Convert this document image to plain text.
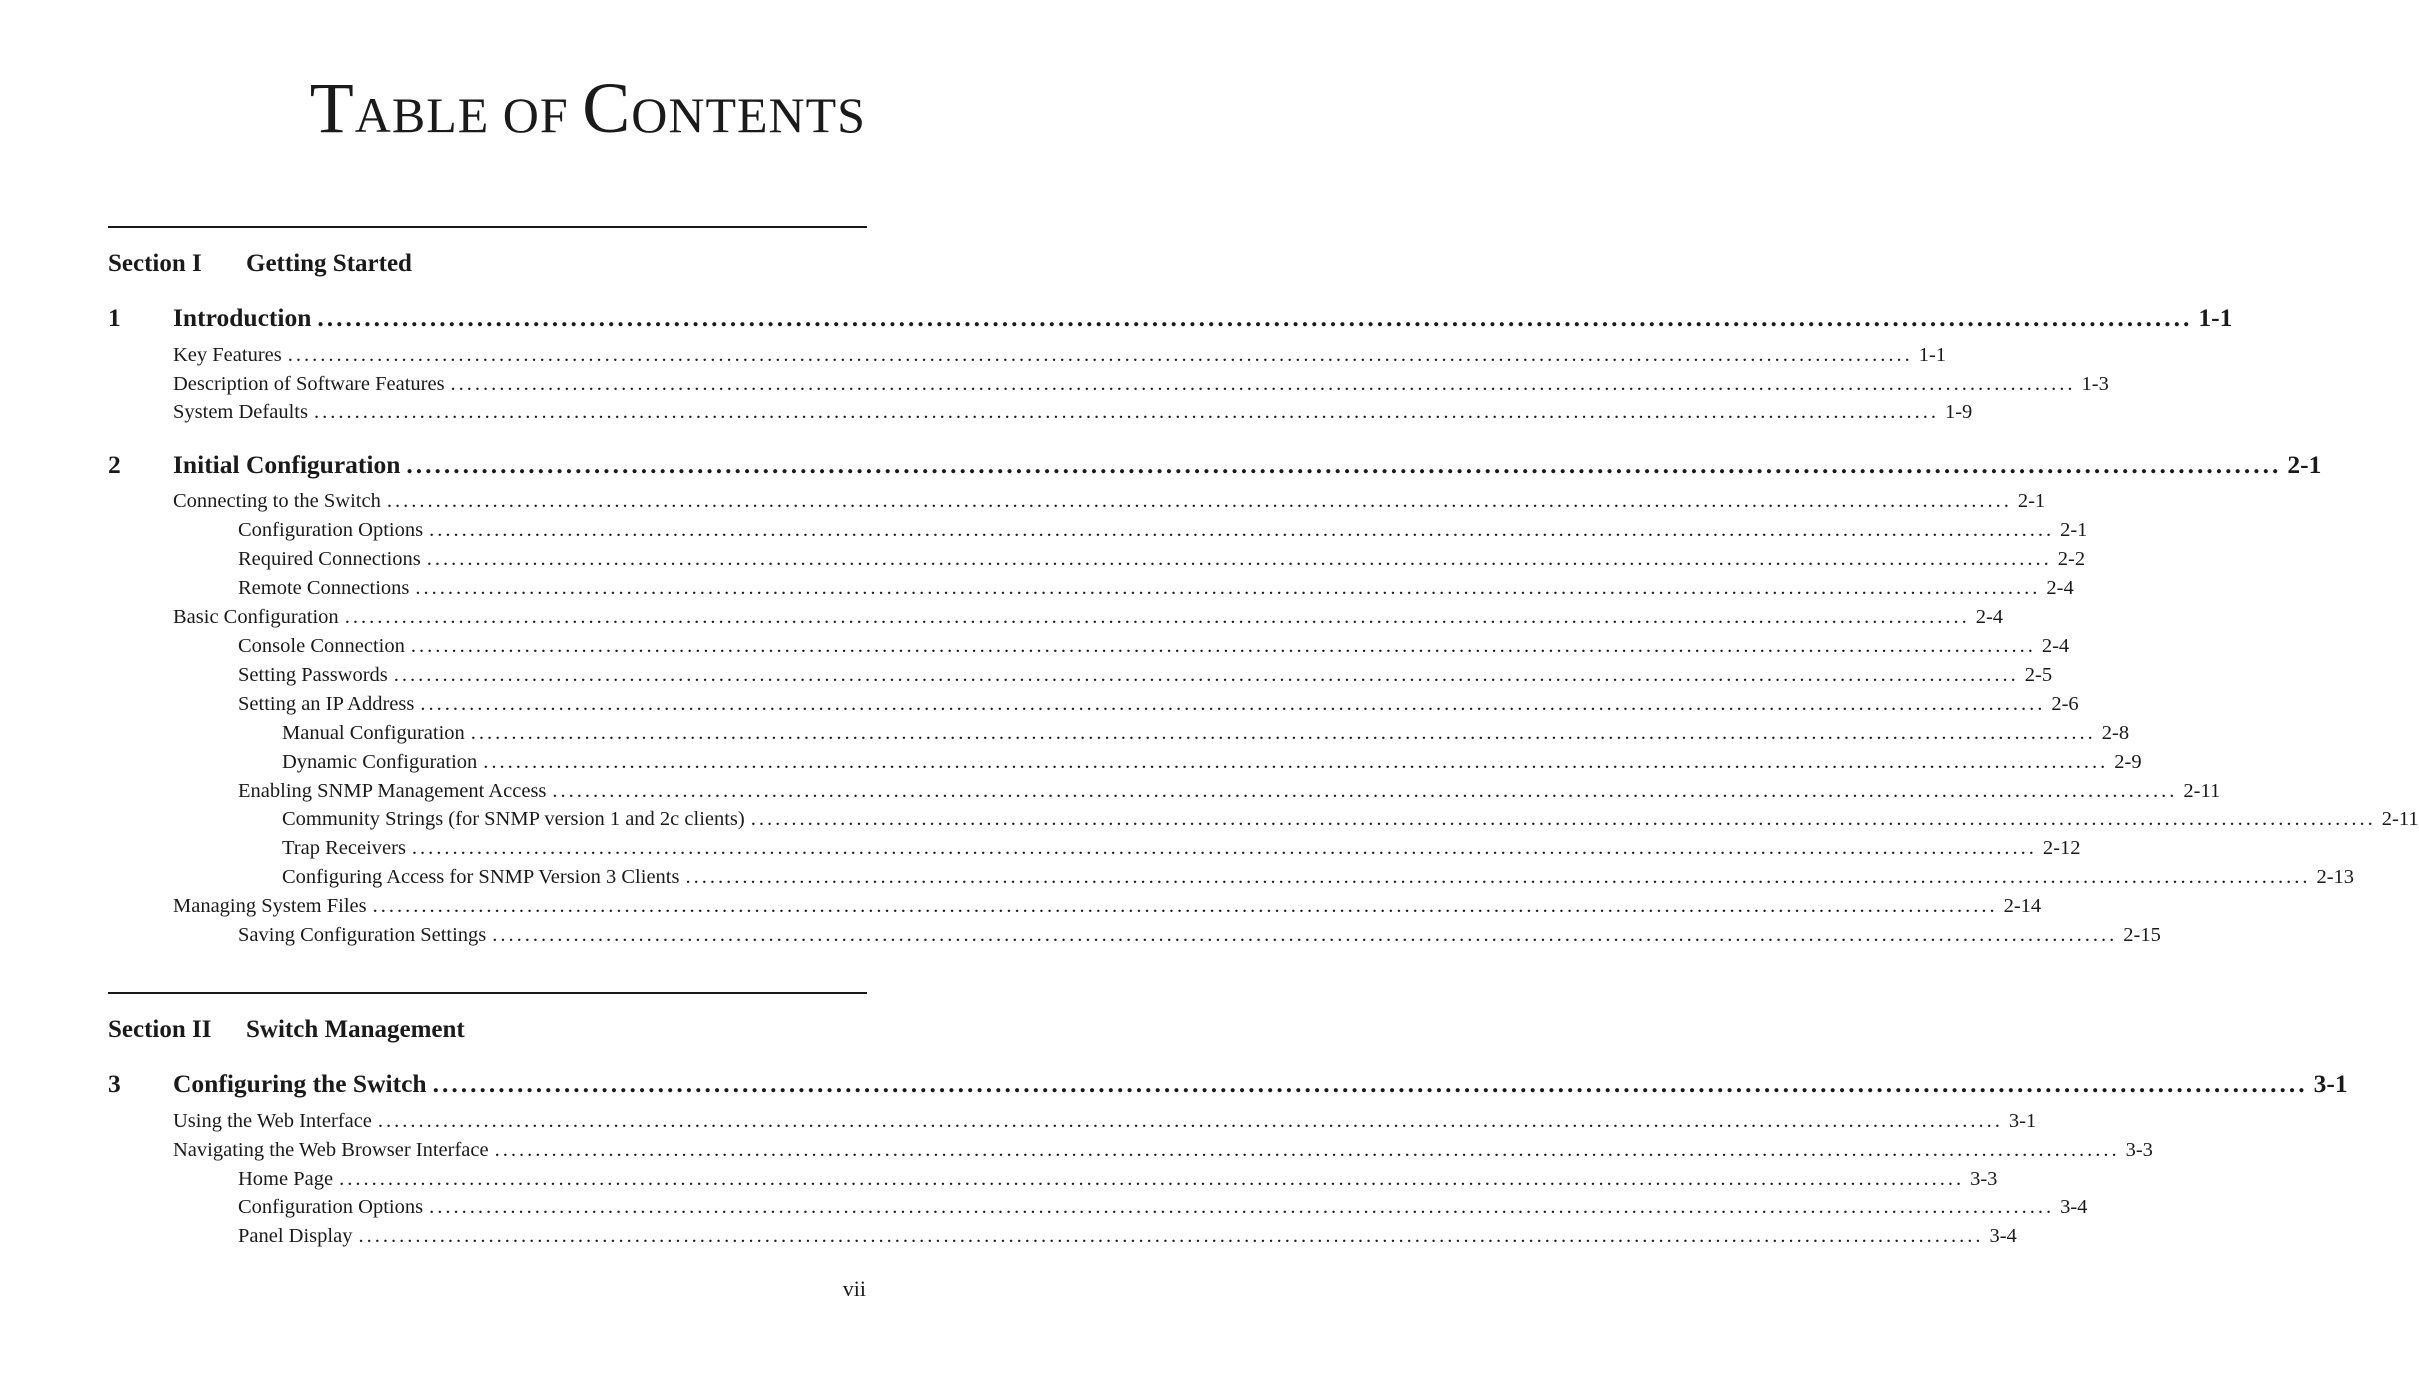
TABLE OF CONTENTS
Section I Getting Started
1 Introduction ........................................................................................................................................................................................................ 1-1
Key Features ........................................................................................................................................................................................................ 1-1
Description of Software Features ........................................................................................................................................................................................................ 1-3
System Defaults ........................................................................................................................................................................................................ 1-9
2 Initial Configuration ........................................................................................................................................................................................................ 2-1
Connecting to the Switch ........................................................................................................................................................................................................ 2-1
Configuration Options ........................................................................................................................................................................................................ 2-1
Required Connections ........................................................................................................................................................................................................ 2-2
Remote Connections ........................................................................................................................................................................................................ 2-4
Basic Configuration ........................................................................................................................................................................................................ 2-4
Console Connection ........................................................................................................................................................................................................ 2-4
Setting Passwords ........................................................................................................................................................................................................ 2-5
Setting an IP Address ........................................................................................................................................................................................................ 2-6
Manual Configuration ........................................................................................................................................................................................................ 2-8
Dynamic Configuration ........................................................................................................................................................................................................ 2-9
Enabling SNMP Management Access ........................................................................................................................................................................................................ 2-11
Community Strings (for SNMP version 1 and 2c clients) ........................................................................................................................................................................................................ 2-11
Trap Receivers ........................................................................................................................................................................................................ 2-12
Configuring Access for SNMP Version 3 Clients ........................................................................................................................................................................................................ 2-13
Managing System Files ........................................................................................................................................................................................................ 2-14
Saving Configuration Settings ........................................................................................................................................................................................................ 2-15
Section II Switch Management
3 Configuring the Switch ........................................................................................................................................................................................................ 3-1
Using the Web Interface ........................................................................................................................................................................................................ 3-1
Navigating the Web Browser Interface ........................................................................................................................................................................................................ 3-3
Home Page ........................................................................................................................................................................................................ 3-3
Configuration Options ........................................................................................................................................................................................................ 3-4
Panel Display ........................................................................................................................................................................................................ 3-4
vii
